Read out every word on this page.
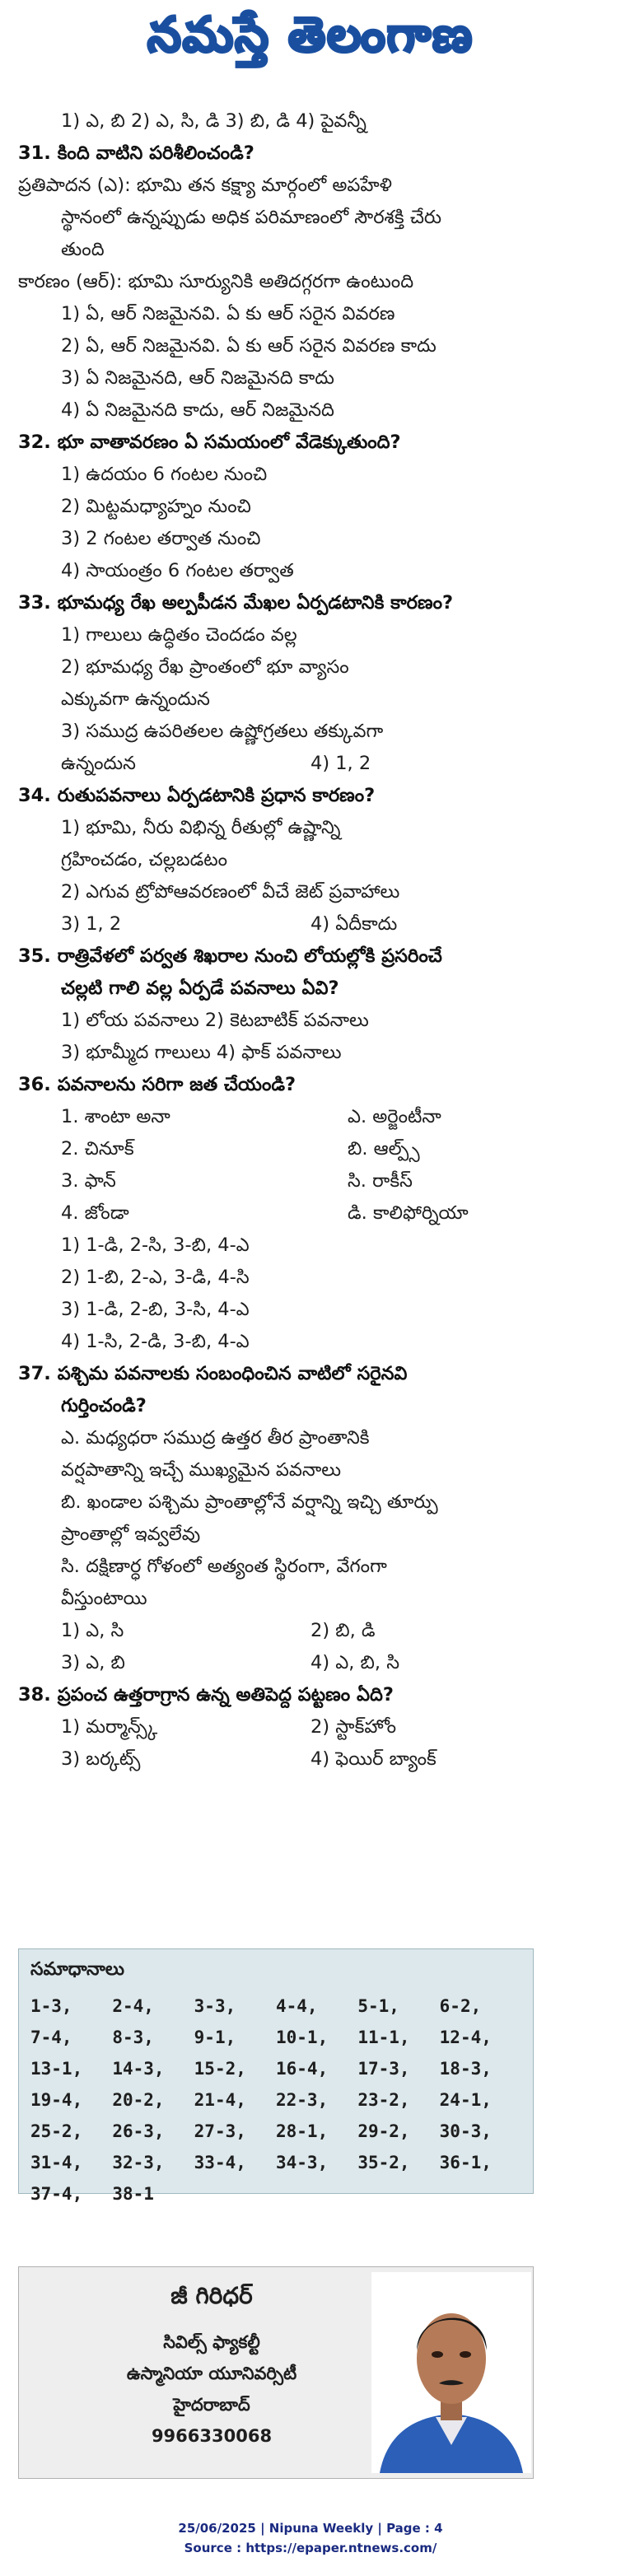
నమస్తే తెలంగాణ
1) ఎ, బి 2) ఎ, సి, డి 3) బి, డి 4) పైవన్నీ
31. కింది వాటిని పరిశీలించండి?
ప్రతిపాదన (ఎ): భూమి తన కక్ష్యా మార్గంలో అపహేళి
స్థానంలో ఉన్నప్పుడు అధిక పరిమాణంలో సౌరశక్తి చేరు
తుంది
కారణం (ఆర్): భూమి సూర్యునికి అతిదగ్గరగా ఉంటుంది
1) ఏ, ఆర్ నిజమైనవి. ఏ కు ఆర్ సరైన వివరణ
2) ఏ, ఆర్ నిజమైనవి. ఏ కు ఆర్ సరైన వివరణ కాదు
3) ఏ నిజమైనది, ఆర్ నిజమైనది కాదు
4) ఏ నిజమైనది కాదు, ఆర్ నిజమైనది
32. భూ వాతావరణం ఏ సమయంలో వేడెక్కుతుంది?
1) ఉదయం 6 గంటల నుంచి
2) మిట్టమధ్యాహ్నం నుంచి
3) 2 గంటల తర్వాత నుంచి
4) సాయంత్రం 6 గంటల తర్వాత
33. భూమధ్య రేఖ అల్పపీడన మేఖల ఏర్పడటానికి కారణం?
1) గాలులు ఉద్ధితం చెందడం వల్ల
2) భూమధ్య రేఖ ప్రాంతంలో భూ వ్యాసం
ఎక్కువగా ఉన్నందున
3) సముద్ర ఉపరితలల ఉష్ణోగ్రతలు తక్కువగా
ఉన్నందున	4) 1, 2
34. రుతుపవనాలు ఏర్పడటానికి ప్రధాన కారణం?
1) భూమి, నీరు విభిన్న రీతుల్లో ఉష్ణాన్ని
గ్రహించడం, చల్లబడటం
2) ఎగువ ట్రోపోఆవరణంలో వీచే జెట్ ప్రవాహాలు
3) 1, 2	4) ఏదీకాదు
35. రాత్రివేళలో పర్వత శిఖరాల నుంచి లోయల్లోకి ప్రసరించే
చల్లటి గాలి వల్ల ఏర్పడే పవనాలు ఏవి?
1) లోయ పవనాలు 2) కెటబాటిక్ పవనాలు
3) భూమ్మీద గాలులు 4) ఫాక్ పవనాలు
36. పవనాలను సరిగా జత చేయండి?
1. శాంటా అనా	ఎ. అర్జెంటీనా
2. చినూక్	బి. ఆల్ప్స్
3. ఫాన్	సి. రాకీస్
4. జోండా	డి. కాలిఫోర్నియా
1) 1-డి, 2-సి, 3-బి, 4-ఎ
2) 1-బి, 2-ఎ, 3-డి, 4-సి
3) 1-డి, 2-బి, 3-సి, 4-ఎ
4) 1-సి, 2-డి, 3-బి, 4-ఎ
37. పశ్చిమ పవనాలకు సంబంధించిన వాటిలో సరైనవి
గుర్తించండి?
ఎ. మధ్యధరా సముద్ర ఉత్తర తీర ప్రాంతానికి
వర్షపాతాన్ని ఇచ్చే ముఖ్యమైన పవనాలు
బి. ఖండాల పశ్చిమ ప్రాంతాల్లోనే వర్షాన్ని ఇచ్చి తూర్పు
ప్రాంతాల్లో ఇవ్వలేవు
సి. దక్షిణార్ధ గోళంలో అత్యంత స్థిరంగా, వేగంగా
వీస్తుంటాయి
1) ఎ, సి	2) బి, డి
3) ఎ, బి	4) ఎ, బి, సి
38. ప్రపంచ ఉత్తరాగ్రాన ఉన్న అతిపెద్ద పట్టణం ఏది?
1) మర్మాన్స్క్	2) స్టాక్‌హోం
3) బర్కట్స్	4) ఫెయిర్ బ్యాంక్
సమాధానాలు
1-3,	2-4,	3-3,	4-4,	5-1,	6-2,
7-4,	8-3,	9-1,	10-1,	11-1,	12-4,
13-1,	14-3,	15-2,	16-4,	17-3,	18-3,
19-4,	20-2,	21-4,	22-3,	23-2,	24-1,
25-2,	26-3,	27-3,	28-1,	29-2,	30-3,
31-4,	32-3,	33-4,	34-3,	35-2,	36-1,
37-4,	38-1
జీ గిరిధర్
సివిల్స్ ఫ్యాకల్టీ
ఉస్మానియా యూనివర్సిటీ
హైదరాబాద్
9966330068
25/06/2025 | Nipuna Weekly | Page : 4
Source : https://epaper.ntnews.com/
